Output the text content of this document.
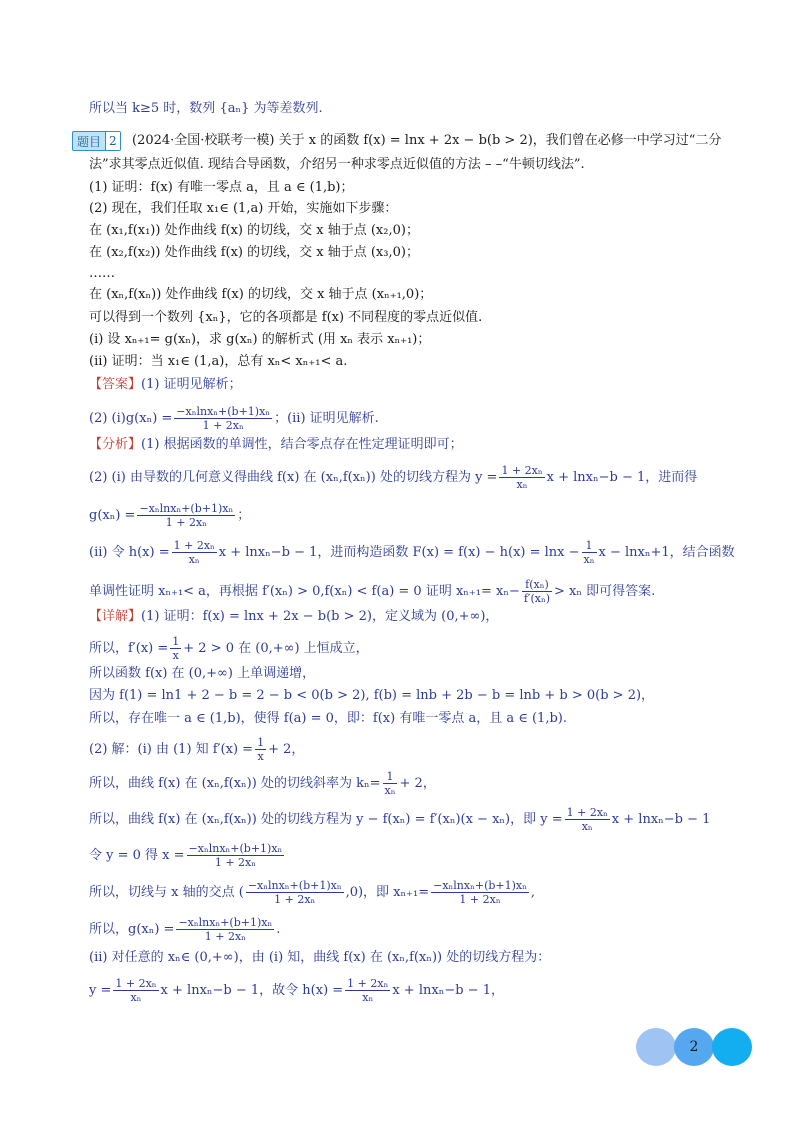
所以当 k≥5 时，数列 {aₙ} 为等差数列.
题目 2 (2024·全国·校联考一模) 关于 x 的函数 f(x) = lnx + 2x − b(b > 2)，我们曾在必修一中学习过“二分
法”求其零点近似值. 现结合导函数，介绍另一种求零点近似值的方法 – –“牛顿切线法”.
(1) 证明：f(x) 有唯一零点 a，且 a ∈ (1,b)；
(2) 现在，我们任取 x₁∈ (1,a) 开始，实施如下步骤：
在 (x₁,f(x₁)) 处作曲线 f(x) 的切线，交 x 轴于点 (x₂,0)；
在 (x₂,f(x₂)) 处作曲线 f(x) 的切线，交 x 轴于点 (x₃,0)；
……
在 (xₙ,f(xₙ)) 处作曲线 f(x) 的切线，交 x 轴于点 (xₙ₊₁,0)；
可以得到一个数列 {xₙ}，它的各项都是 f(x) 不同程度的零点近似值.
(i) 设 xₙ₊₁= g(xₙ)，求 g(xₙ) 的解析式 (用 xₙ 表示 xₙ₊₁)；
(ii) 证明：当 x₁∈ (1,a)，总有 xₙ< xₙ₊₁< a.
【答案】(1) 证明见解析；
(2) $(i)g(x_n) = \frac{\text{−xₙlnxₙ+(b+1)xₙ}}{\text{1 + 2xₙ}}$ ；(ii) 证明见解析.
【分析】(1) 根据函数的单调性，结合零点存在性定理证明即可；
(2) (i) 由导数的几何意义得曲线 f(x) 在 (xₙ,f(xₙ)) 处的切线方程为 $y = \frac{\text{1 + 2xₙ}}{\text{xₙ}}$ x + lnxₙ−b − 1，进而得
$g(x_n) = \frac{\text{−xₙlnxₙ+(b+1)xₙ}}{\text{1 + 2xₙ}}$ ；
(ii) 令 $h(x) = \frac{\text{1 + 2xₙ}}{\text{xₙ}}$ x + lnxₙ−b − 1，进而构造函数 $F(x) = f(x) - h(x) = \ln x - \frac{1}{\text{xₙ}}$ x − lnxₙ+1，结合函数
单调性证明 xₙ₊₁< a，再根据 f′(xₙ) > 0,f(xₙ) < f(a) = 0 证明 $x_{n+1}= x_n- \frac{\text{f(xₙ)}}{\text{f′(xₙ)}} > x_n$ 即可得答案.
【详解】(1) 证明：f(x) = lnx + 2x − b(b > 2)，定义域为 (0,+∞)，
所以，$f'(x) = \frac{1}{x} + 2 > 0$ 在 (0,+∞) 上恒成立，
所以函数 f(x) 在 (0,+∞) 上单调递增，
因为 f(1) = ln1 + 2 − b = 2 − b < 0(b > 2), f(b) = lnb + 2b − b = lnb + b > 0(b > 2)，
所以，存在唯一 a ∈ (1,b)，使得 f(a) = 0，即：f(x) 有唯一零点 a，且 a ∈ (1,b).
(2) 解：(i) 由 (1) 知 $f'(x) = \frac{1}{x} + 2$，
所以，曲线 f(x) 在 (xₙ,f(xₙ)) 处的切线斜率为 $k_n= \frac{1}{\text{xₙ}} + 2$，
所以，曲线 f(x) 在 (xₙ,f(xₙ)) 处的切线方程为 y − f(xₙ) = f′(xₙ)(x − xₙ)，即 $y = \frac{\text{1 + 2xₙ}}{\text{xₙ}}$ x + lnxₙ−b − 1
令 y = 0 得 $x = \frac{\text{−xₙlnxₙ+(b+1)xₙ}}{\text{1 + 2xₙ}}$
所以，切线与 x 轴的交点 ( $\frac{\text{−xₙlnxₙ+(b+1)xₙ}}{\text{1 + 2xₙ}} ,0$)，即 $x_{n+1}= \frac{\text{−xₙlnxₙ+(b+1)xₙ}}{\text{1 + 2xₙ}}$ ,
所以，$g(x_n) = \frac{\text{−xₙlnxₙ+(b+1)xₙ}}{\text{1 + 2xₙ}}$ .
(ii) 对任意的 xₙ∈ (0,+∞)，由 (i) 知，曲线 f(x) 在 (xₙ,f(xₙ)) 处的切线方程为：
$y = \frac{\text{1 + 2xₙ}}{\text{xₙ}}$ x + lnxₙ−b − 1，故令 $h(x) = \frac{\text{1 + 2xₙ}}{\text{xₙ}}$ x + lnxₙ−b − 1，
2
